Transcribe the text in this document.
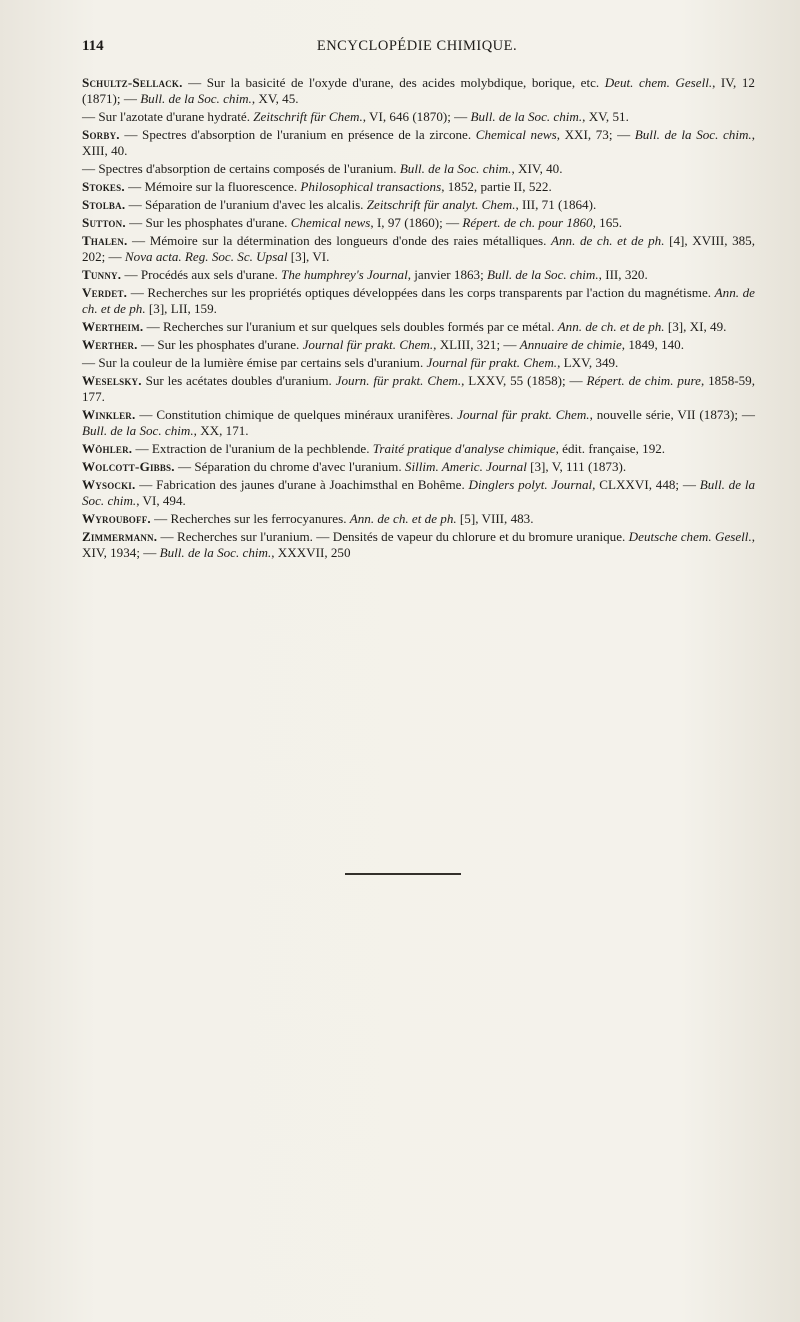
114	ENCYCLOPÉDIE CHIMIQUE.

Schultz-Sellack. — Sur la basicité de l'oxyde d'urane, des acides molybdique, borique, etc. Deut. chem. Gesell., IV, 12 (1871); — Bull. de la Soc. chim., XV, 45.

— Sur l'azotate d'urane hydraté. Zeitschrift für Chem., VI, 646 (1870); — Bull. de la Soc. chim., XV, 51.

Sorby. — Spectres d'absorption de l'uranium en présence de la zircone. Chemical news, XXI, 73; — Bull. de la Soc. chim., XIII, 40.

— Spectres d'absorption de certains composés de l'uranium. Bull. de la Soc. chim., XIV, 40.

Stokes. — Mémoire sur la fluorescence. Philosophical transactions, 1852, partie II, 522.

Stolba. — Séparation de l'uranium d'avec les alcalis. Zeitschrift für analyt. Chem., III, 71 (1864).

Sutton. — Sur les phosphates d'urane. Chemical news, I, 97 (1860); — Répert. de ch. pour 1860, 165.

Thalen. — Mémoire sur la détermination des longueurs d'onde des raies métalliques. Ann. de ch. et de ph. [4], XVIII, 385, 202; — Nova acta. Reg. Soc. Sc. Upsal [3], VI.

Tunny. — Procédés aux sels d'urane. The humphrey's Journal, janvier 1863; Bull. de la Soc. chim., III, 320.

Verdet. — Recherches sur les propriétés optiques développées dans les corps transparents par l'action du magnétisme. Ann. de ch. et de ph. [3], LII, 159.

Wertheim. — Recherches sur l'uranium et sur quelques sels doubles formés par ce métal. Ann. de ch. et de ph. [3], XI, 49.

Werther. — Sur les phosphates d'urane. Journal für prakt. Chem., XLIII, 321; — Annuaire de chimie, 1849, 140.

— Sur la couleur de la lumière émise par certains sels d'uranium. Journal für prakt. Chem., LXV, 349.

Weselsky. Sur les acétates doubles d'uranium. Journ. für prakt. Chem., LXXV, 55 (1858); — Répert. de chim. pure, 1858-59, 177.

Winkler. — Constitution chimique de quelques minéraux uranifères. Journal für prakt. Chem., nouvelle série, VII (1873); — Bull. de la Soc. chim., XX, 171.

Wöhler. — Extraction de l'uranium de la pechblende. Traité pratique d'analyse chimique, édit. française, 192.

Wolcott-Gibbs. — Séparation du chrome d'avec l'uranium. Sillim. Americ. Journal [3], V, 111 (1873).

Wysocki. — Fabrication des jaunes d'urane à Joachimsthal en Bohême. Dinglers polyt. Journal, CLXXVI, 448; — Bull. de la Soc. chim., VI, 494.

Wyrouboff. — Recherches sur les ferrocyanures. Ann. de ch. et de ph. [5], VIII, 483.

Zimmermann. — Recherches sur l'uranium. — Densités de vapeur du chlorure et du bromure uranique. Deutsche chem. Gesell., XIV, 1934; — Bull. de la Soc. chim., XXXVII, 250
